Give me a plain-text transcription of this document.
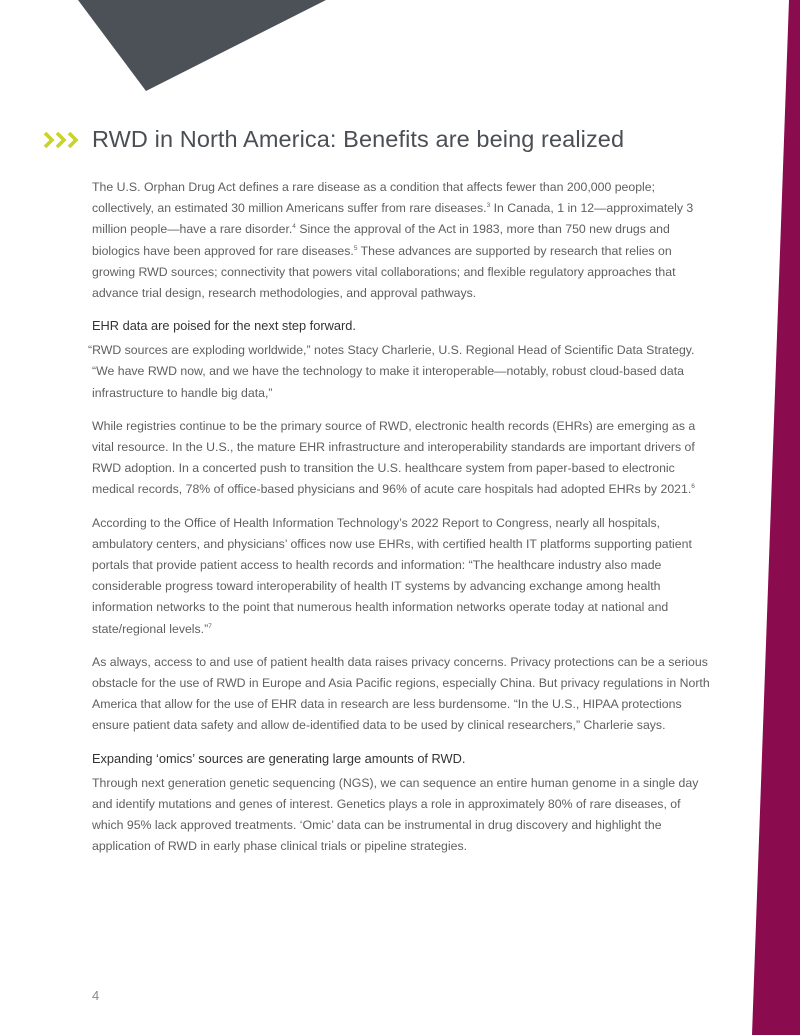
RWD in North America: Benefits are being realized

The U.S. Orphan Drug Act defines a rare disease as a condition that affects fewer than 200,000 people; collectively, an estimated 30 million Americans suffer from rare diseases.$^3$ In Canada, 1 in 12—approximately 3 million people—have a rare disorder.$^4$ Since the approval of the Act in 1983, more than 750 new drugs and biologics have been approved for rare diseases.$^5$ These advances are supported by research that relies on growing RWD sources; connectivity that powers vital collaborations; and flexible regulatory approaches that advance trial design, research methodologies, and approval pathways.

EHR data are poised for the next step forward.

“RWD sources are exploding worldwide,” notes Stacy Charlerie, U.S. Regional Head of Scientific Data Strategy. “We have RWD now, and we have the technology to make it interoperable—notably, robust cloud-based data infrastructure to handle big data,”

While registries continue to be the primary source of RWD, electronic health records (EHRs) are emerging as a vital resource. In the U.S., the mature EHR infrastructure and interoperability standards are important drivers of RWD adoption. In a concerted push to transition the U.S. healthcare system from paper-based to electronic medical records, 78% of office-based physicians and 96% of acute care hospitals had adopted EHRs by 2021.$^6$

According to the Office of Health Information Technology’s 2022 Report to Congress, nearly all hospitals, ambulatory centers, and physicians’ offices now use EHRs, with certified health IT platforms supporting patient portals that provide patient access to health records and information: “The healthcare industry also made considerable progress toward interoperability of health IT systems by advancing exchange among health information networks to the point that numerous health information networks operate today at national and state/regional levels.”$^7$

As always, access to and use of patient health data raises privacy concerns. Privacy protections can be a serious obstacle for the use of RWD in Europe and Asia Pacific regions, especially China. But privacy regulations in North America that allow for the use of EHR data in research are less burdensome. “In the U.S., HIPAA protections ensure patient data safety and allow de-identified data to be used by clinical researchers,” Charlerie says.

Expanding ‘omics’ sources are generating large amounts of RWD.

Through next generation genetic sequencing (NGS), we can sequence an entire human genome in a single day and identify mutations and genes of interest. Genetics plays a role in approximately 80% of rare diseases, of which 95% lack approved treatments. ‘Omic’ data can be instrumental in drug discovery and highlight the application of RWD in early phase clinical trials or pipeline strategies.

4
